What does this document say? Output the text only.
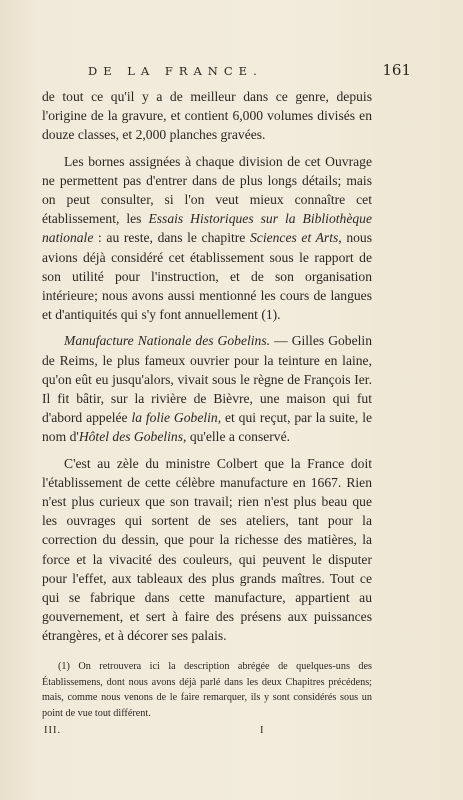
DE LA FRANCE.	161

de tout ce qu'il y a de meilleur dans ce genre, depuis l'origine de la gravure, et contient 6,000 volumes divisés en douze classes, et 2,000 planches gravées.

Les bornes assignées à chaque division de cet Ouvrage ne permettent pas d'entrer dans de plus longs détails; mais on peut consulter, si l'on veut mieux connaître cet établissement, les Essais Historiques sur la Bibliothèque nationale : au reste, dans le chapitre Sciences et Arts, nous avions déjà considéré cet établissement sous le rapport de son utilité pour l'instruction, et de son organisation intérieure; nous avons aussi mentionné les cours de langues et d'antiquités qui s'y font annuellement (1).

Manufacture Nationale des Gobelins. — Gilles Gobelin de Reims, le plus fameux ouvrier pour la teinture en laine, qu'on eût eu jusqu'alors, vivait sous le règne de François Ier. Il fit bâtir, sur la rivière de Bièvre, une maison qui fut d'abord appelée la folie Gobelin, et qui reçut, par la suite, le nom d'Hôtel des Gobelins, qu'elle a conservé.

C'est au zèle du ministre Colbert que la France doit l'établissement de cette célèbre manufacture en 1667. Rien n'est plus curieux que son travail; rien n'est plus beau que les ouvrages qui sortent de ses ateliers, tant pour la correction du dessin, que pour la richesse des matières, la force et la vivacité des couleurs, qui peuvent le disputer pour l'effet, aux tableaux des plus grands maîtres. Tout ce qui se fabrique dans cette manufacture, appartient au gouvernement, et sert à faire des présens aux puissances étrangères, et à décorer ses palais.

(1) On retrouvera ici la description abrégée de quelques-uns des Établissemens, dont nous avons déjà parlé dans les deux Chapitres précédens; mais, comme nous venons de le faire remarquer, ils y sont considérés sous un point de vue tout différent.
III.	I
